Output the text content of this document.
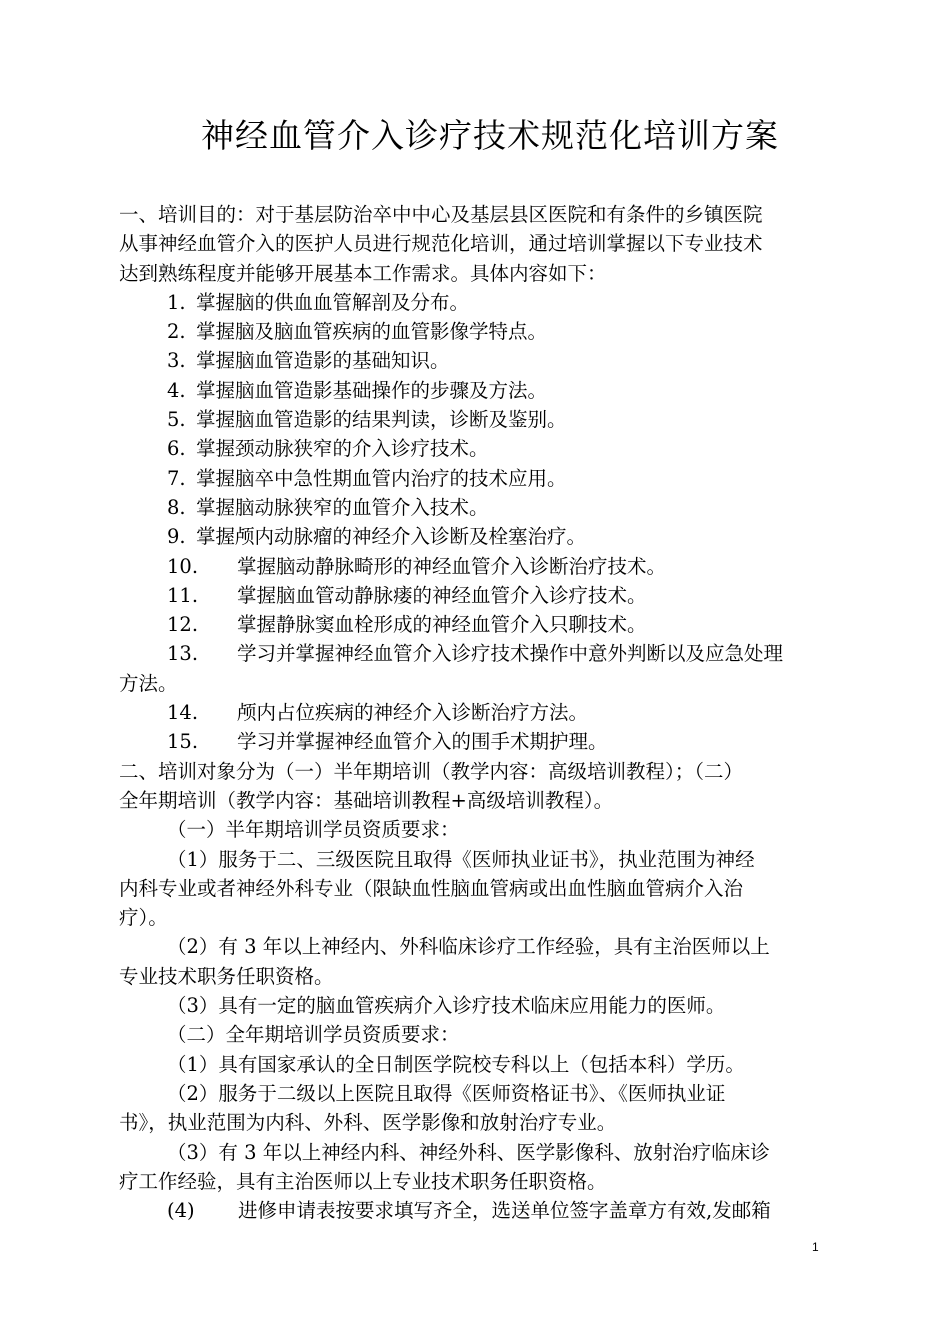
神经血管介入诊疗技术规范化培训方案

一、培训目的：对于基层防治卒中中心及基层县区医院和有条件的乡镇医院

从事神经血管介入的医护人员进行规范化培训，通过培训掌握以下专业技术

达到熟练程度并能够开展基本工作需求。具体内容如下：

1. 掌握脑的供血血管解剖及分布。

2. 掌握脑及脑血管疾病的血管影像学特点。

3. 掌握脑血管造影的基础知识。

4. 掌握脑血管造影基础操作的步骤及方法。

5. 掌握脑血管造影的结果判读，诊断及鉴别。

6. 掌握颈动脉狭窄的介入诊疗技术。

7. 掌握脑卒中急性期血管内治疗的技术应用。

8. 掌握脑动脉狭窄的血管介入技术。

9. 掌握颅内动脉瘤的神经介入诊断及栓塞治疗。

10. 掌握脑动静脉畸形的神经血管介入诊断治疗技术。

11. 掌握脑血管动静脉瘘的神经血管介入诊疗技术。

12. 掌握静脉窦血栓形成的神经血管介入只聊技术。

13. 学习并掌握神经血管介入诊疗技术操作中意外判断以及应急处理

方法。

14. 颅内占位疾病的神经介入诊断治疗方法。

15. 学习并掌握神经血管介入的围手术期护理。

二、培训对象分为（一）半年期培训（教学内容：高级培训教程）；（二）

全年期培训（教学内容：基础培训教程+高级培训教程）。

（一）半年期培训学员资质要求：

（1）服务于二、三级医院且取得《医师执业证书》，执业范围为神经

内科专业或者神经外科专业（限缺血性脑血管病或出血性脑血管病介入治

疗）。

（2）有 3 年以上神经内、外科临床诊疗工作经验，具有主治医师以上

专业技术职务任职资格。

（3）具有一定的脑血管疾病介入诊疗技术临床应用能力的医师。

（二）全年期培训学员资质要求：

（1）具有国家承认的全日制医学院校专科以上（包括本科）学历。

（2）服务于二级以上医院且取得《医师资格证书》、《医师执业证

书》，执业范围为内科、外科、医学影像和放射治疗专业。

（3）有 3 年以上神经内科、神经外科、医学影像科、放射治疗临床诊

疗工作经验，具有主治医师以上专业技术职务任职资格。

(4) 进修申请表按要求填写齐全，选送单位签字盖章方有效,发邮箱

1
